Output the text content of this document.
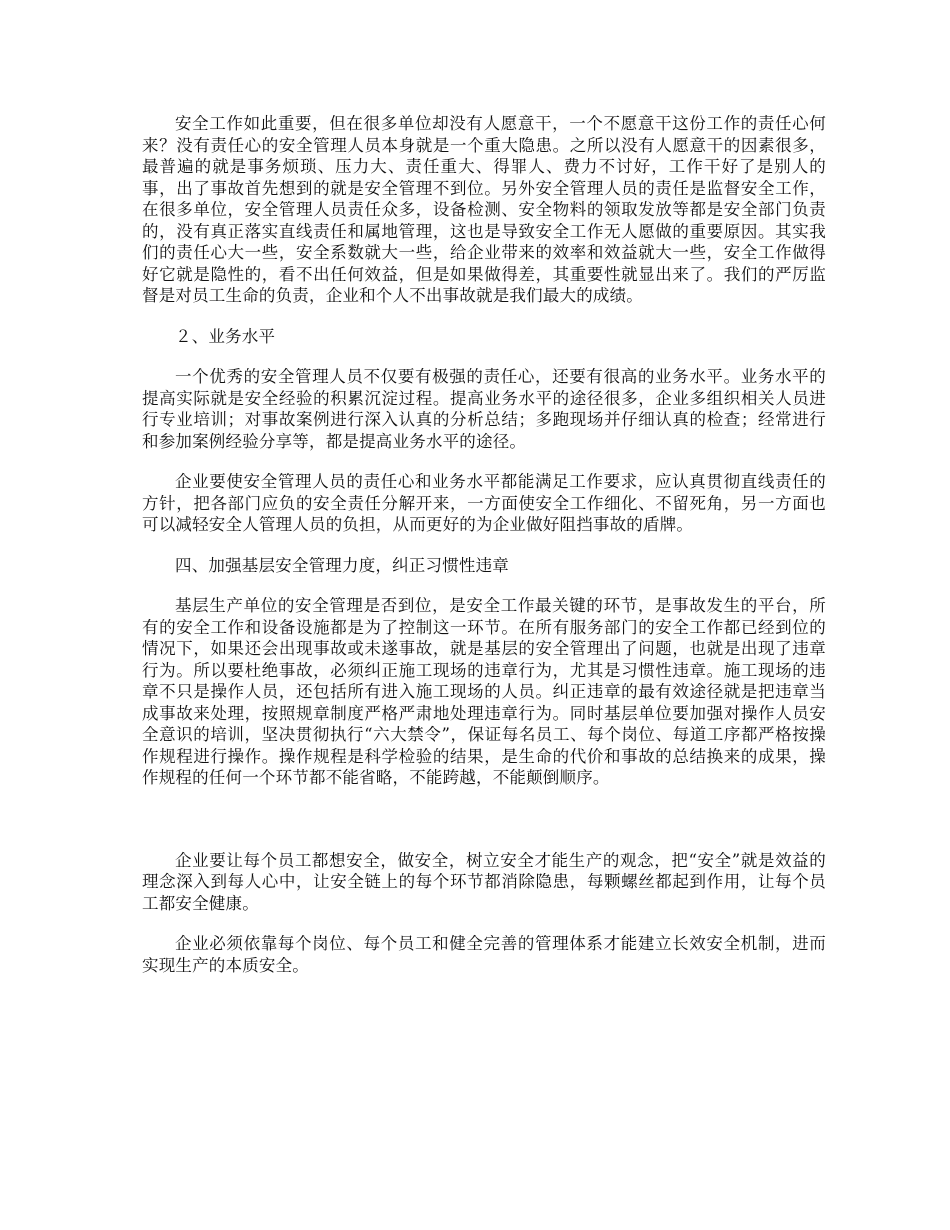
安全工作如此重要，但在很多单位却没有人愿意干，一个不愿意干这份工作的责任心何来？没有责任心的安全管理人员本身就是一个重大隐患。之所以没有人愿意干的因素很多，最普遍的就是事务烦琐、压力大、责任重大、得罪人、费力不讨好，工作干好了是别人的事，出了事故首先想到的就是安全管理不到位。另外安全管理人员的责任是监督安全工作，在很多单位，安全管理人员责任众多，设备检测、安全物料的领取发放等都是安全部门负责的，没有真正落实直线责任和属地管理，这也是导致安全工作无人愿做的重要原因。其实我们的责任心大一些，安全系数就大一些，给企业带来的效率和效益就大一些，安全工作做得好它就是隐性的，看不出任何效益，但是如果做得差，其重要性就显出来了。我们的严厉监督是对员工生命的负责，企业和个人不出事故就是我们最大的成绩。

２、业务水平

一个优秀的安全管理人员不仅要有极强的责任心，还要有很高的业务水平。业务水平的提高实际就是安全经验的积累沉淀过程。提高业务水平的途径很多，企业多组织相关人员进行专业培训；对事故案例进行深入认真的分析总结；多跑现场并仔细认真的检查；经常进行和参加案例经验分享等，都是提高业务水平的途径。

企业要使安全管理人员的责任心和业务水平都能满足工作要求，应认真贯彻直线责任的方针，把各部门应负的安全责任分解开来，一方面使安全工作细化、不留死角，另一方面也可以减轻安全人管理人员的负担，从而更好的为企业做好阻挡事故的盾牌。

四、加强基层安全管理力度，纠正习惯性违章

基层生产单位的安全管理是否到位，是安全工作最关键的环节，是事故发生的平台，所有的安全工作和设备设施都是为了控制这一环节。在所有服务部门的安全工作都已经到位的情况下，如果还会出现事故或未遂事故，就是基层的安全管理出了问题，也就是出现了违章行为。所以要杜绝事故，必须纠正施工现场的违章行为，尤其是习惯性违章。施工现场的违章不只是操作人员，还包括所有进入施工现场的人员。纠正违章的最有效途径就是把违章当成事故来处理，按照规章制度严格严肃地处理违章行为。同时基层单位要加强对操作人员安全意识的培训，坚决贯彻执行“六大禁令”，保证每名员工、每个岗位、每道工序都严格按操作规程进行操作。操作规程是科学检验的结果，是生命的代价和事故的总结换来的成果，操作规程的任何一个环节都不能省略，不能跨越，不能颠倒顺序。

企业要让每个员工都想安全，做安全，树立安全才能生产的观念，把“安全”就是效益的理念深入到每人心中，让安全链上的每个环节都消除隐患，每颗螺丝都起到作用，让每个员工都安全健康。

企业必须依靠每个岗位、每个员工和健全完善的管理体系才能建立长效安全机制，进而实现生产的本质安全。
